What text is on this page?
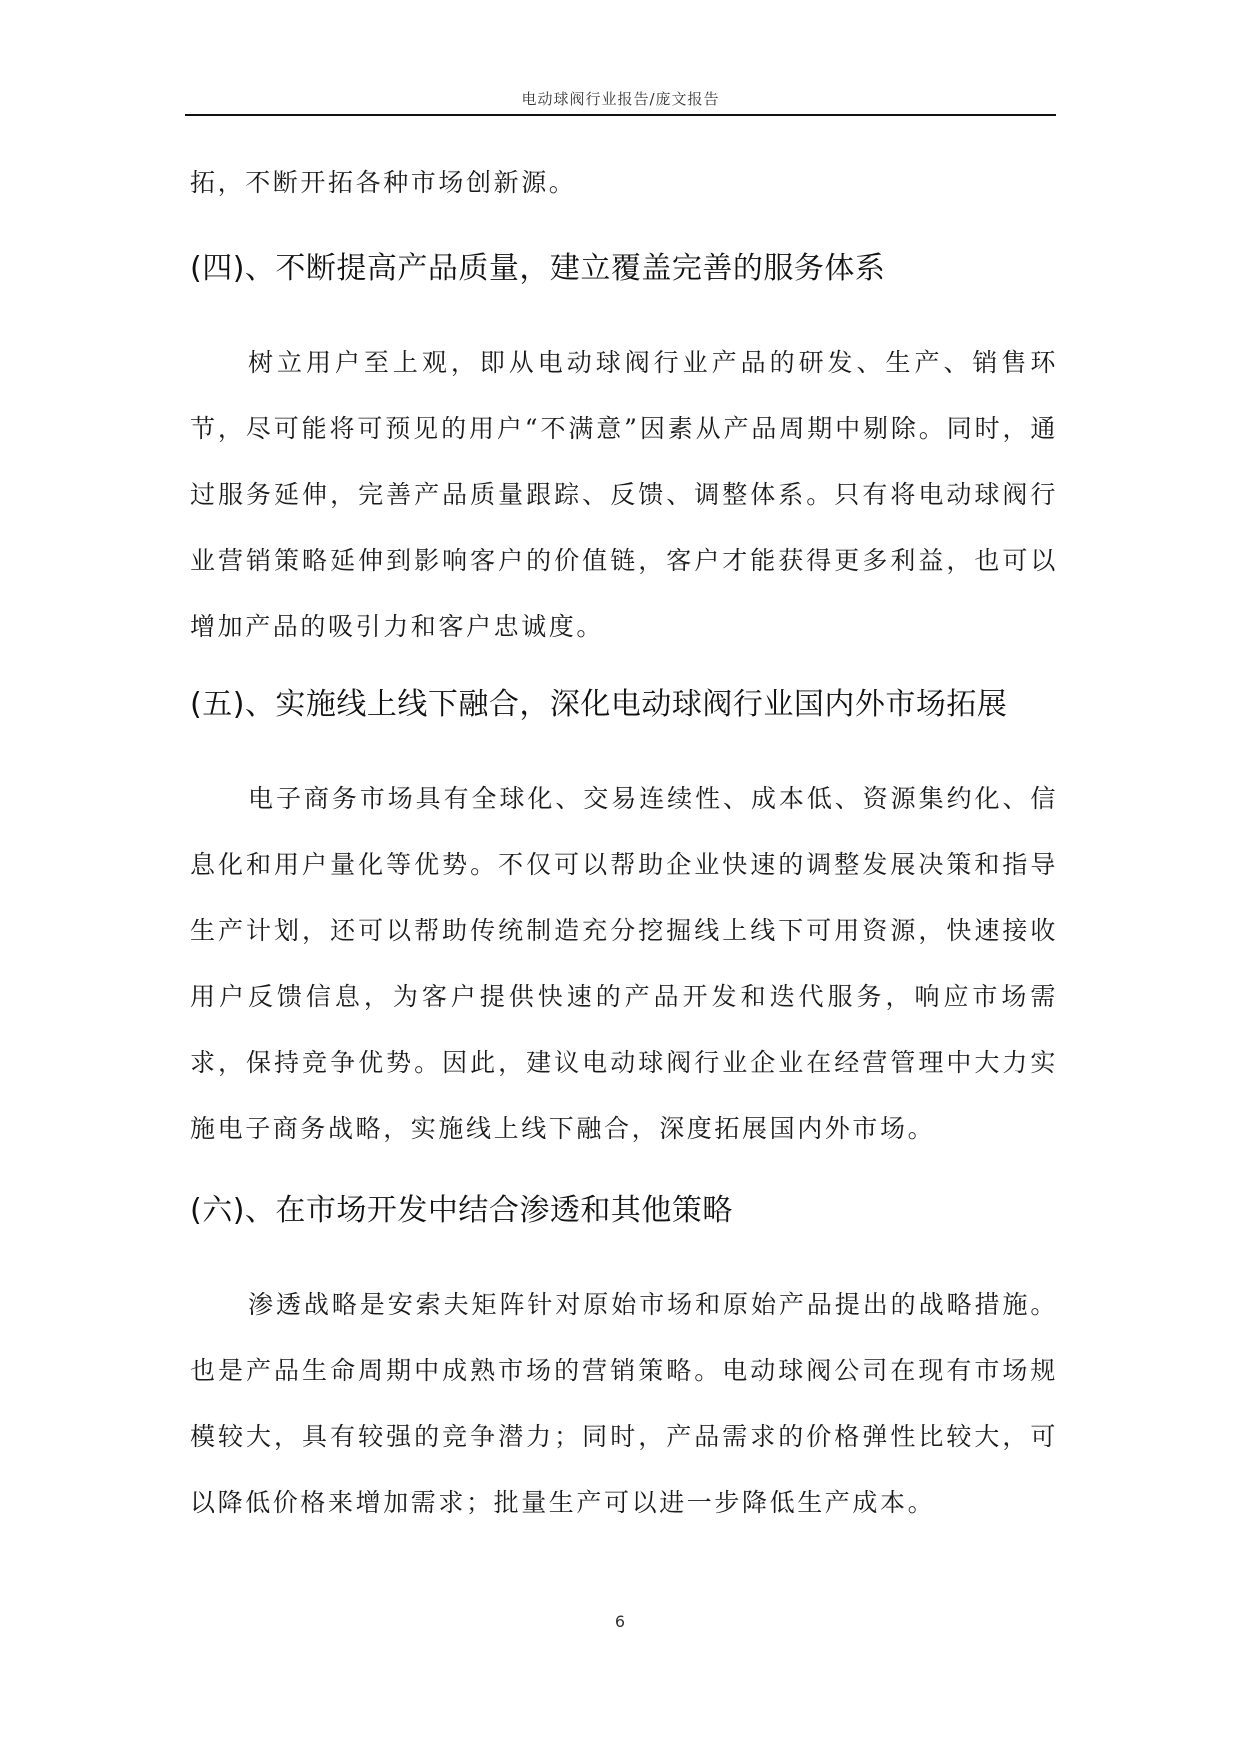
电动球阀行业报告/庞文报告

拓，不断开拓各种市场创新源。

(四)、不断提高产品质量，建立覆盖完善的服务体系

树立用户至上观，即从电动球阀行业产品的研发、生产、销售环节，尽可能将可预见的用户“不满意”因素从产品周期中剔除。同时，通过服务延伸，完善产品质量跟踪、反馈、调整体系。只有将电动球阀行业营销策略延伸到影响客户的价值链，客户才能获得更多利益，也可以增加产品的吸引力和客户忠诚度。

(五)、实施线上线下融合，深化电动球阀行业国内外市场拓展

电子商务市场具有全球化、交易连续性、成本低、资源集约化、信息化和用户量化等优势。不仅可以帮助企业快速的调整发展决策和指导生产计划，还可以帮助传统制造充分挖掘线上线下可用资源，快速接收用户反馈信息，为客户提供快速的产品开发和迭代服务，响应市场需求，保持竞争优势。因此，建议电动球阀行业企业在经营管理中大力实施电子商务战略，实施线上线下融合，深度拓展国内外市场。

(六)、在市场开发中结合渗透和其他策略

渗透战略是安索夫矩阵针对原始市场和原始产品提出的战略措施。也是产品生命周期中成熟市场的营销策略。电动球阀公司在现有市场规模较大，具有较强的竞争潜力；同时，产品需求的价格弹性比较大，可以降低价格来增加需求；批量生产可以进一步降低生产成本。

6
